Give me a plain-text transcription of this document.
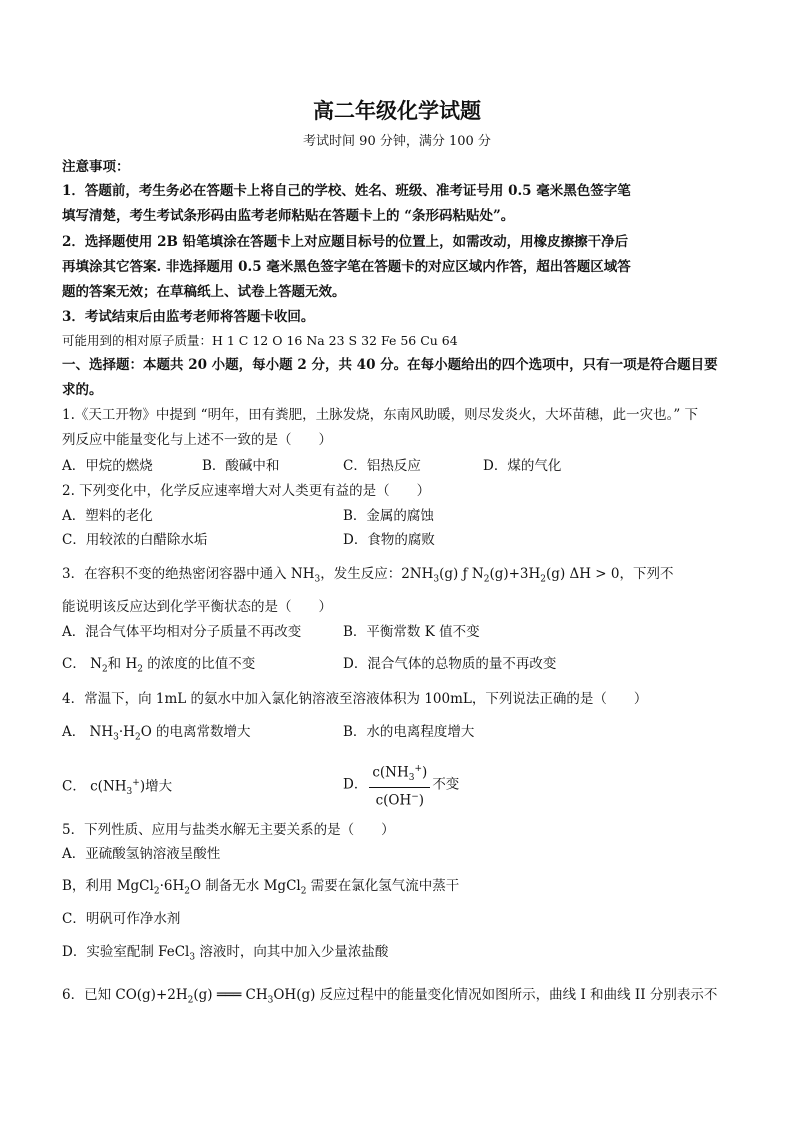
高二年级化学试题
考试时间 90 分钟，满分 100 分
注意事项：
1．答题前，考生务必在答题卡上将自己的学校、姓名、班级、准考证号用 0.5 毫米黑色签字笔
填写清楚，考生考试条形码由监考老师粘贴在答题卡上的 “条形码粘贴处”。
2．选择题使用 2B 铅笔填涂在答题卡上对应题目标号的位置上，如需改动，用橡皮擦擦干净后
再填涂其它答案. 非选择题用 0.5 毫米黑色签字笔在答题卡的对应区域内作答，超出答题区域答
题的答案无效；在草稿纸上、试卷上答题无效。
3．考试结束后由监考老师将答题卡收回。
可能用到的相对原子质量：H 1 C 12 O 16 Na 23 S 32 Fe 56 Cu 64
一、选择题：本题共 20 小题，每小题 2 分，共 40 分。在每小题给出的四个选项中，只有一项是符合题目要
求的。
1.《天工开物》中提到 “明年，田有粪肥，土脉发烧，东南风助暖，则尽发炎火，大坏苗穗，此一灾也。” 下
列反应中能量变化与上述不一致的是（　　）
A．甲烷的燃烧	B．酸碱中和	C．铝热反应	D．煤的气化
2. 下列变化中，化学反应速率增大对人类更有益的是（　　）
A．塑料的老化	B．金属的腐蚀
C．用较浓的白醋除水垢	D．食物的腐败
3．在容积不变的绝热密闭容器中通入 $NH_3$，发生反应：$2NH_3(g)$ ƒ $N_2(g)+3H_2(g) \Delta H > 0$，下列不
能说明该反应达到化学平衡状态的是（　　）
A．混合气体平均相对分子质量不再改变	B．平衡常数 K 值不变
C． $N_2$和 $H_2$ 的浓度的比值不变	D．混合气体的总物质的量不再改变
4．常温下，向 1mL 的氨水中加入氯化钠溶液至溶液体积为 100mL，下列说法正确的是（　　）
A． $NH_3\cdot H_2O$ 的电离常数增大	B．水的电离程度增大
C． $c(NH_3^+)$增大	D． $\frac{c(NH_3^+)}{c(OH^-)}$ 不变
5．下列性质、应用与盐类水解无主要关系的是（　　）
A．亚硫酸氢钠溶液呈酸性
B，利用 $MgCl_2\cdot 6H_2O$ 制备无水 MgCl$_2$ 需要在氯化氢气流中蒸干
C．明矾可作净水剂
D．实验室配制 FeCl$_3$ 溶液时，向其中加入少量浓盐酸
6．已知 $CO(g)+2H_2(g)$ ═══ $CH_3OH(g)$ 反应过程中的能量变化情况如图所示，曲线 I 和曲线 II 分别表示不
